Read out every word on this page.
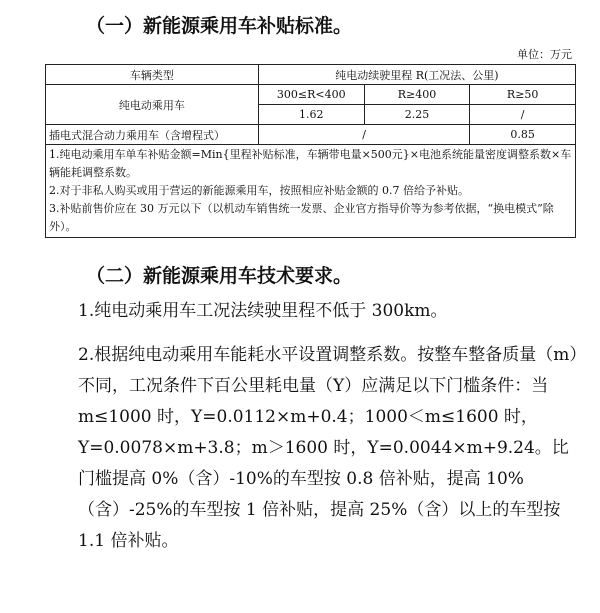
（一）新能源乘用车补贴标准。
单位：万元
车辆类型	纯电动续驶里程 R(工况法、公里)		
纯电动乘用车	300≤R<400	R≥400	R≥50
	1.62	2.25	/
插电式混合动力乘用车（含增程式）	/		0.85

1.纯电动乘用车单车补贴金额=Min{里程补贴标准，车辆带电量×500元}×电池系统能量密度调整系数×车辆能耗调整系数。
2.对于非私人购买或用于营运的新能源乘用车，按照相应补贴金额的 0.7 倍给予补贴。
3.补贴前售价应在 30 万元以下（以机动车销售统一发票、企业官方指导价等为参考依据，“换电模式”除外）。			
（二）新能源乘用车技术要求。
1.纯电动乘用车工况法续驶里程不低于 300km。
2.根据纯电动乘用车能耗水平设置调整系数。按整车整备质量（m）不同，工况条件下百公里耗电量（Y）应满足以下门槛条件：当 m≤1000 时，Y=0.0112×m+0.4；1000＜m≤1600 时，Y=0.0078×m+3.8；m＞1600 时，Y=0.0044×m+9.24。比门槛提高 0%（含）-10%的车型按 0.8 倍补贴，提高 10%（含）-25%的车型按 1 倍补贴，提高 25%（含）以上的车型按 1.1 倍补贴。
